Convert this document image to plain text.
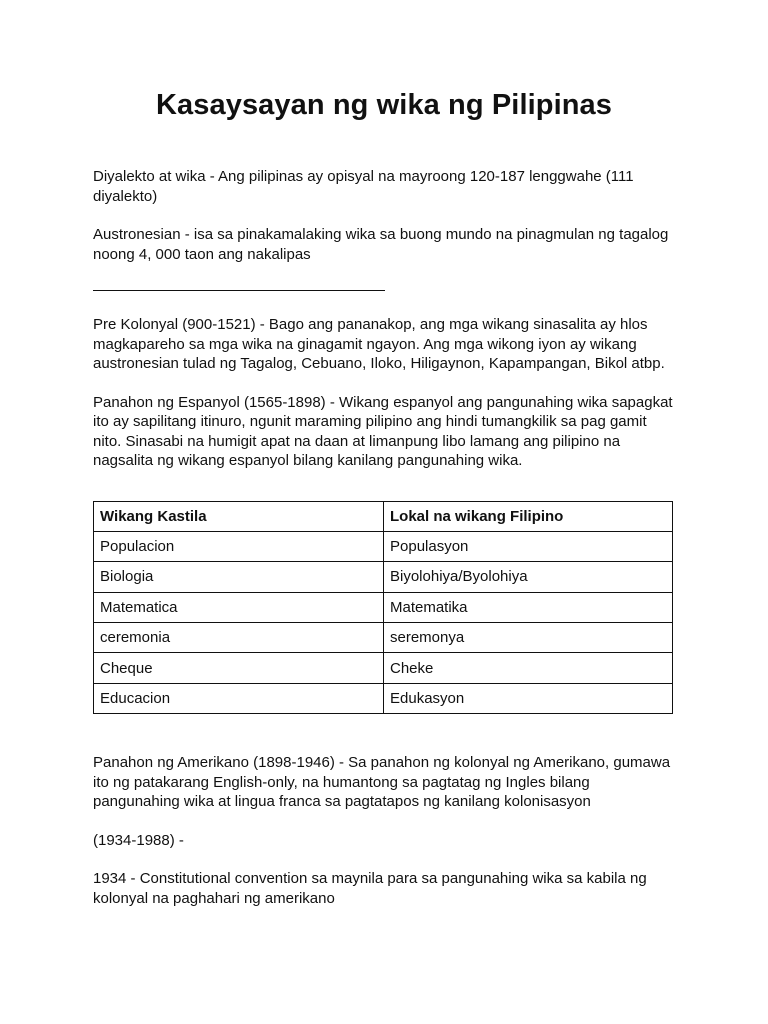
Kasaysayan ng wika ng Pilipinas

Diyalekto at wika - Ang pilipinas ay opisyal na mayroong 120-187 lenggwahe (111 diyalekto)

Austronesian - isa sa pinakamalaking wika sa buong mundo na pinagmulan ng tagalog noong 4, 000 taon ang nakalipas

Pre Kolonyal (900-1521) - Bago ang pananakop, ang mga wikang sinasalita ay hlos magkapareho sa mga wika na ginagamit ngayon. Ang mga wikong iyon ay wikang austronesian tulad ng Tagalog, Cebuano, Iloko, Hiligaynon, Kapampangan, Bikol atbp.

Panahon ng Espanyol (1565-1898) - Wikang espanyol ang pangunahing wika sapagkat ito ay sapilitang itinuro, ngunit maraming pilipino ang hindi tumangkilik sa pag gamit nito. Sinasabi na humigit apat na daan at limanpung libo lamang ang pilipino na nagsalita ng wikang espanyol bilang kanilang pangunahing wika.

Wikang Kastila	Lokal na wikang Filipino
Populacion	Populasyon
Biologia	Biyolohiya/Byolohiya
Matematica	Matematika
ceremonia	seremonya
Cheque	Cheke
Educacion	Edukasyon

Panahon ng Amerikano (1898-1946) - Sa panahon ng kolonyal ng Amerikano, gumawa ito ng patakarang English-only, na humantong sa pagtatag ng Ingles bilang pangunahing wika at lingua franca sa pagtatapos ng kanilang kolonisasyon

(1934-1988) -

1934 - Constitutional convention sa maynila para sa pangunahing wika sa kabila ng kolonyal na paghahari ng amerikano
